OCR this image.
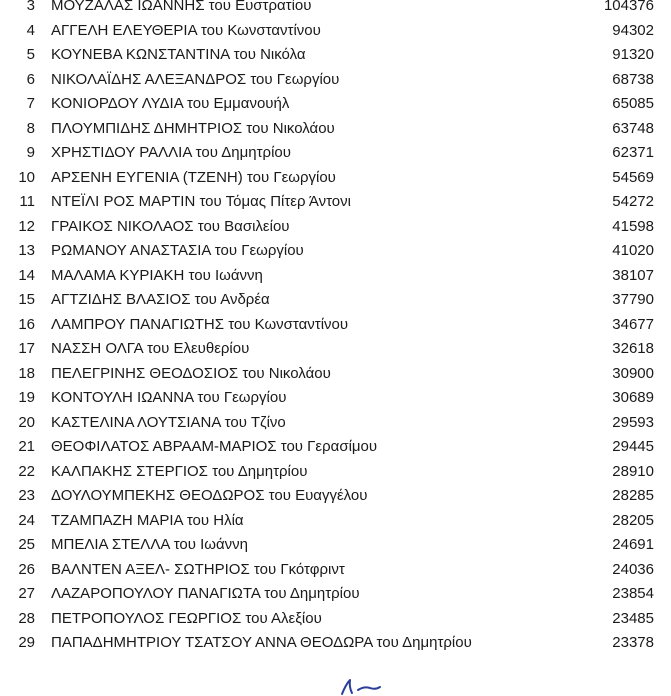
3 ΜΟΥΖΑΛΑΣ ΙΩΑΝΝΗΣ του Ευστρατίου	104376
4 ΑΓΓΕΛΗ ΕΛΕΥΘΕΡΙΑ του Κωνσταντίνου	94302
5 ΚΟΥΝΕΒΑ ΚΩΝΣΤΑΝΤΙΝΑ του Νικόλα	91320
6 ΝΙΚΟΛΑΪΔΗΣ ΑΛΕΞΑΝΔΡΟΣ του Γεωργίου	68738
7 ΚΟΝΙΟΡΔΟΥ ΛΥΔΙΑ του Εμμανουήλ	65085
8 ΠΛΟΥΜΠΙΔΗΣ ΔΗΜΗΤΡΙΟΣ του Νικολάου	63748
9 ΧΡΗΣΤΙΔΟΥ ΡΑΛΛΙΑ του Δημητρίου	62371
10 ΑΡΣΕΝΗ ΕΥΓΕΝΙΑ (ΤΖΕΝΗ) του Γεωργίου	54569
11 ΝΤΕΪΛΙ ΡΟΣ ΜΑΡΤΙΝ του Τόμας Πίτερ Άντονι	54272
12 ΓΡΑΙΚΟΣ ΝΙΚΟΛΑΟΣ του Βασιλείου	41598
13 ΡΩΜΑΝΟΥ ΑΝΑΣΤΑΣΙΑ του Γεωργίου	41020
14 ΜΑΛΑΜΑ ΚΥΡΙΑΚΗ του Ιωάννη	38107
15 ΑΓΤΖΙΔΗΣ ΒΛΑΣΙΟΣ του Ανδρέα	37790
16 ΛΑΜΠΡΟΥ ΠΑΝΑΓΙΩΤΗΣ του Κωνσταντίνου	34677
17 ΝΑΣΣΗ ΟΛΓΑ του Ελευθερίου	32618
18 ΠΕΛΕΓΡΙΝΗΣ ΘΕΟΔΟΣΙΟΣ του Νικολάου	30900
19 ΚΟΝΤΟΥΛΗ ΙΩΑΝΝΑ του Γεωργίου	30689
20 ΚΑΣΤΕΛΙΝΑ ΛΟΥΤΣΙΑΝΑ του Τζίνο	29593
21 ΘΕΟΦΙΛΑΤΟΣ ΑΒΡΑΑΜ-ΜΑΡΙΟΣ του Γερασίμου	29445
22 ΚΑΛΠΑΚΗΣ ΣΤΕΡΓΙΟΣ του Δημητρίου	28910
23 ΔΟΥΛΟΥΜΠΕΚΗΣ ΘΕΟΔΩΡΟΣ του Ευαγγέλου	28285
24 ΤΖΑΜΠΑΖΗ ΜΑΡΙΑ του Ηλία	28205
25 ΜΠΕΛΙΑ ΣΤΕΛΛΑ του Ιωάννη	24691
26 ΒΑΛΝΤΕΝ ΑΞΕΛ- ΣΩΤΗΡΙΟΣ του Γκότφριντ	24036
27 ΛΑΖΑΡΟΠΟΥΛΟΥ ΠΑΝΑΓΙΩΤΑ του Δημητρίου	23854
28 ΠΕΤΡΟΠΟΥΛΟΣ ΓΕΩΡΓΙΟΣ του Αλεξίου	23485
29 ΠΑΠΑΔΗΜΗΤΡΙΟΥ ΤΣΑΤΣΟΥ ΑΝΝΑ ΘΕΟΔΩΡΑ του Δημητρίου	23378
